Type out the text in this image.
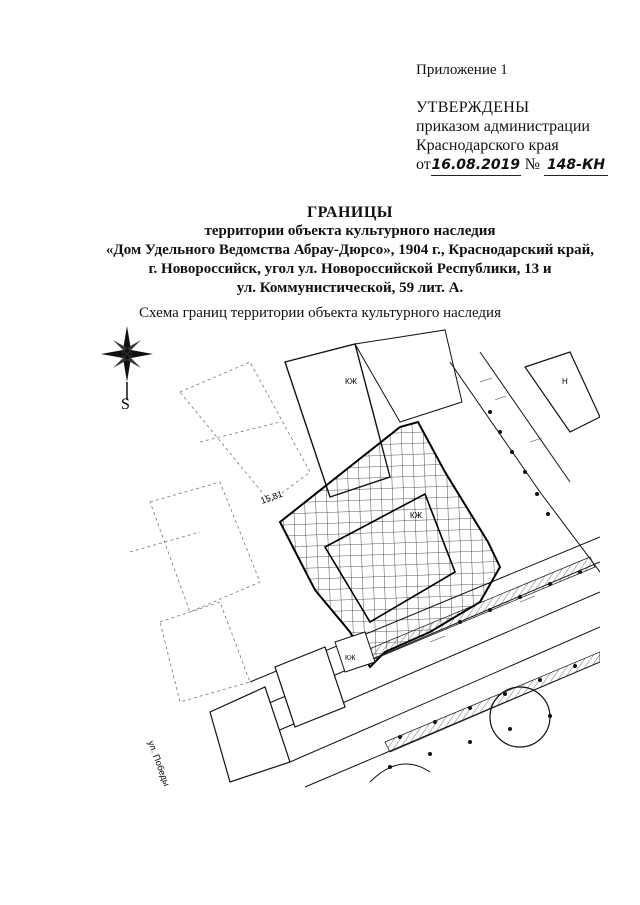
Приложение 1
УТВЕРЖДЕНЫ
приказом администрации
Краснодарского края
от16.08.2019 № 148-КН
ГРАНИЦЫ
территории объекта культурного наследия
«Дом Удельного Ведомства Абрау-Дюрсо», 1904 г., Краснодарский край,
г. Новороссийск, угол ул. Новороссийской Республики, 13 и
ул. Коммунистической, 59 лит. А.
Схема границ территории объекта культурного наследия
S
КЖ	Н
КЖ
15,81
КЖ
ул. Победы
